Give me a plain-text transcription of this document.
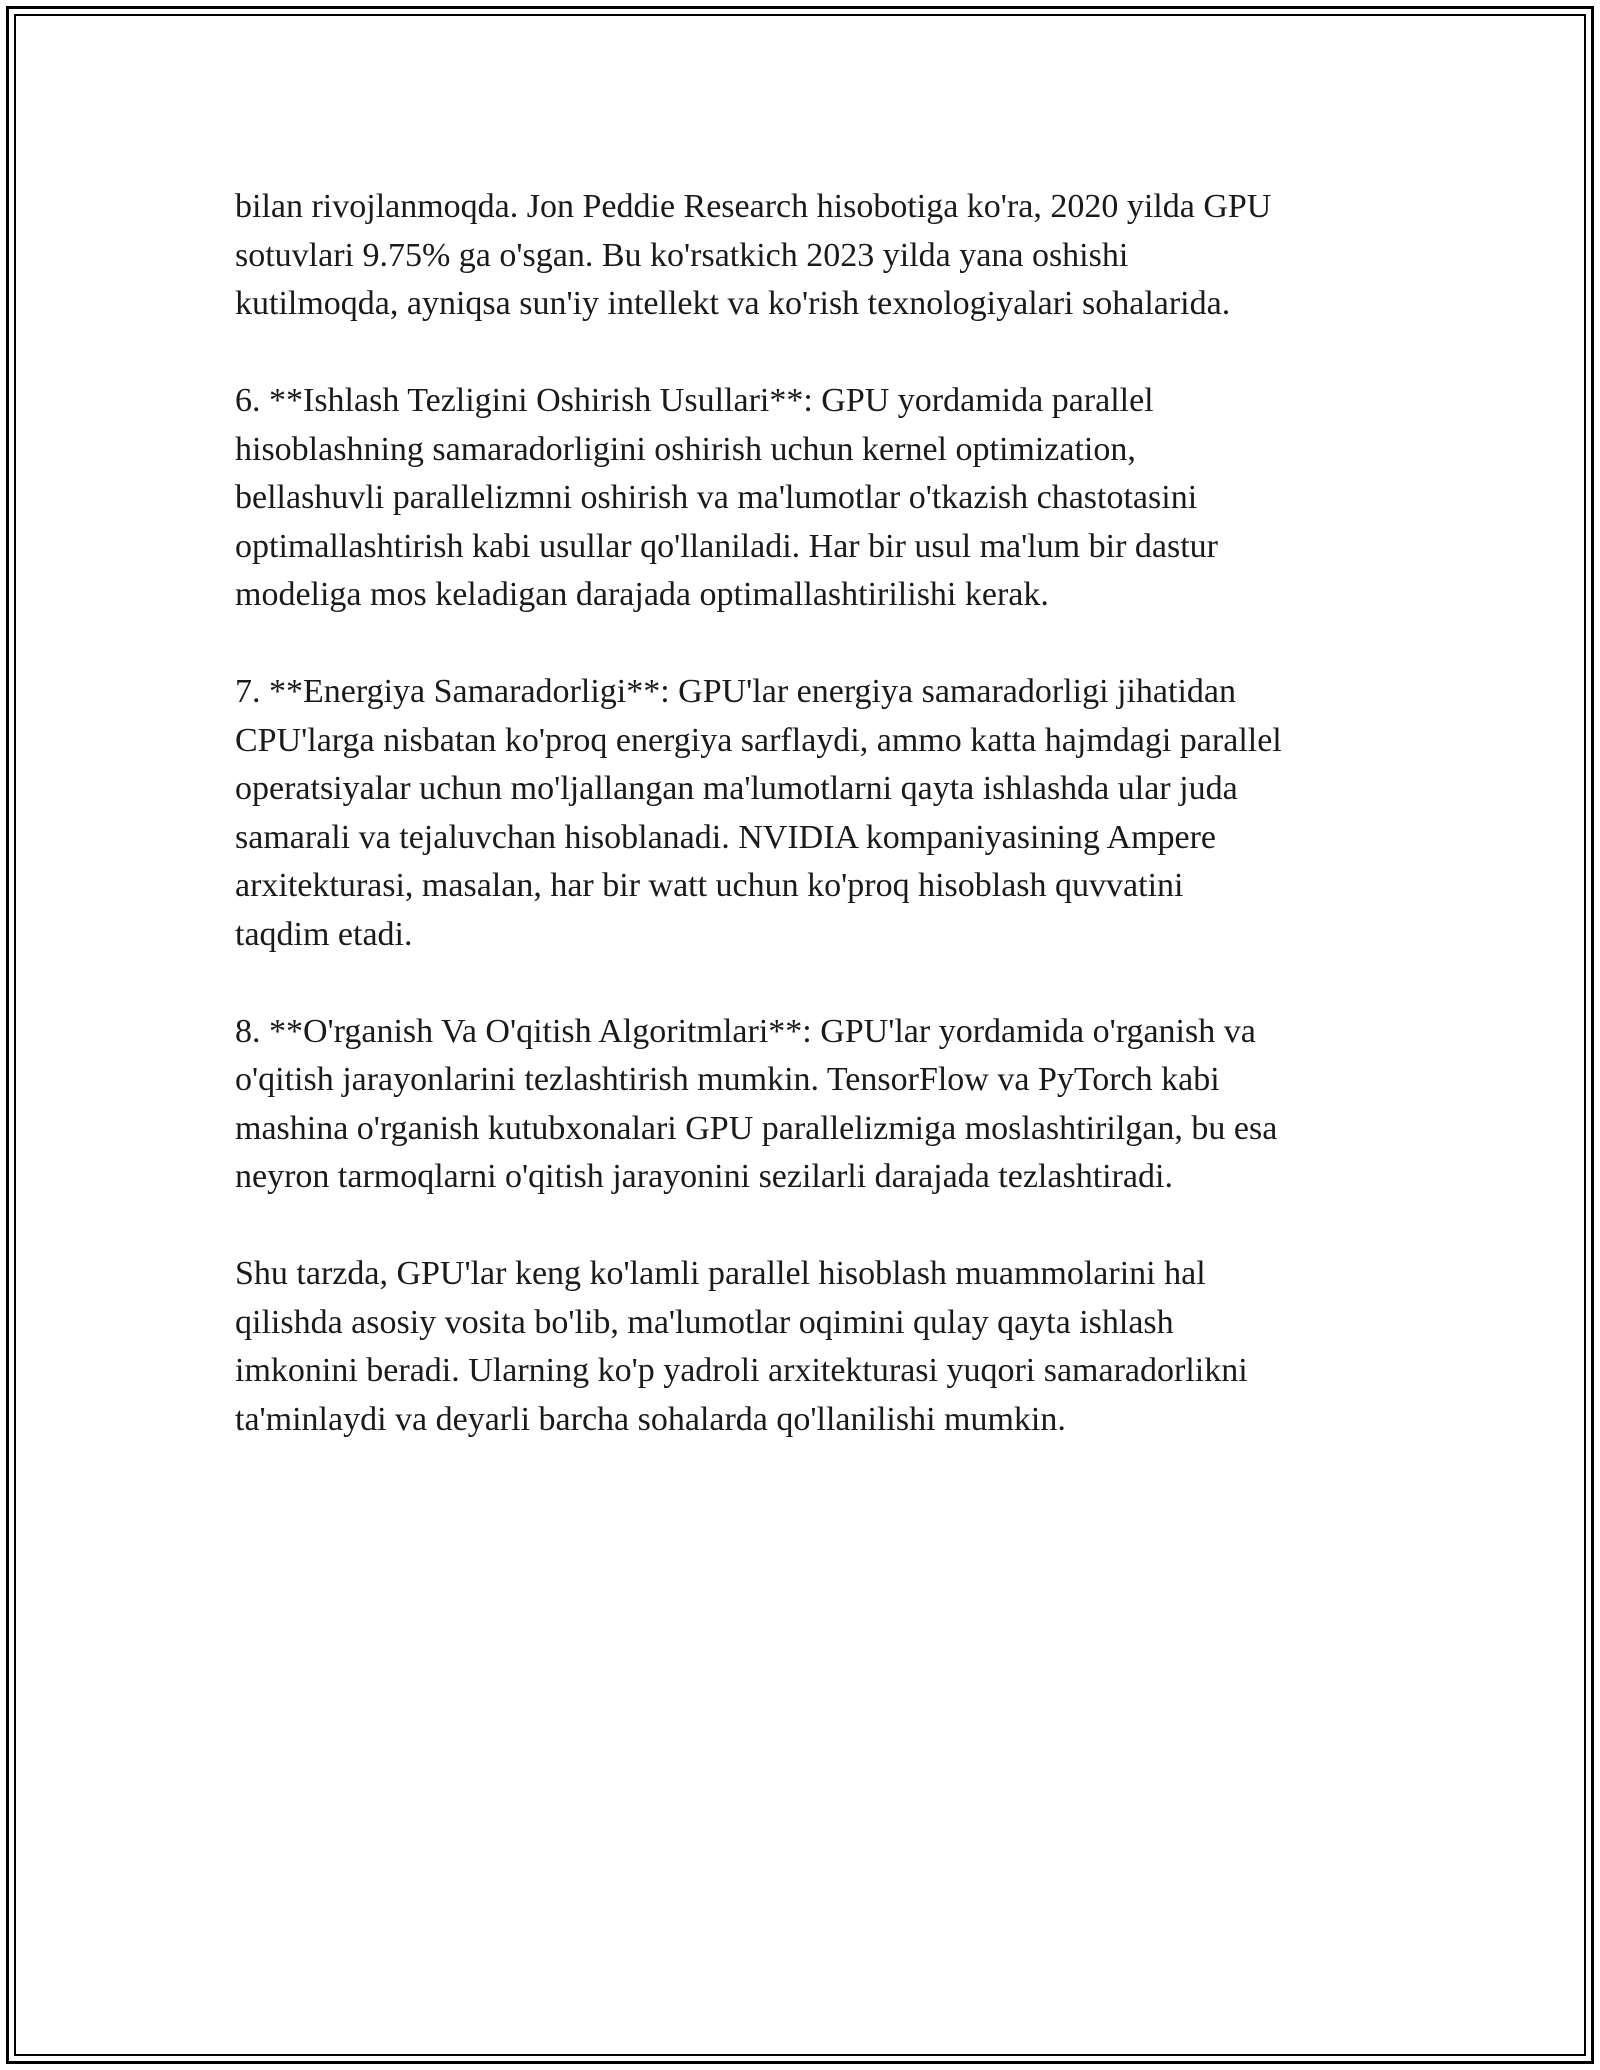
bilan rivojlanmoqda. Jon Peddie Research hisobotiga ko'ra, 2020 yilda GPU
sotuvlari 9.75% ga o'sgan. Bu ko'rsatkich 2023 yilda yana oshishi
kutilmoqda, ayniqsa sun'iy intellekt va ko'rish texnologiyalari sohalarida.

6. **Ishlash Tezligini Oshirish Usullari**: GPU yordamida parallel
hisoblashning samaradorligini oshirish uchun kernel optimization,
bellashuvli parallelizmni oshirish va ma'lumotlar o'tkazish chastotasini
optimallashtirish kabi usullar qo'llaniladi. Har bir usul ma'lum bir dastur
modeliga mos keladigan darajada optimallashtirilishi kerak.

7. **Energiya Samaradorligi**: GPU'lar energiya samaradorligi jihatidan
CPU'larga nisbatan ko'proq energiya sarflaydi, ammo katta hajmdagi parallel
operatsiyalar uchun mo'ljallangan ma'lumotlarni qayta ishlashda ular juda
samarali va tejaluvchan hisoblanadi. NVIDIA kompaniyasining Ampere
arxitekturasi, masalan, har bir watt uchun ko'proq hisoblash quvvatini
taqdim etadi.

8. **O'rganish Va O'qitish Algoritmlari**: GPU'lar yordamida o'rganish va
o'qitish jarayonlarini tezlashtirish mumkin. TensorFlow va PyTorch kabi
mashina o'rganish kutubxonalari GPU parallelizmiga moslashtirilgan, bu esa
neyron tarmoqlarni o'qitish jarayonini sezilarli darajada tezlashtiradi.

Shu tarzda, GPU'lar keng ko'lamli parallel hisoblash muammolarini hal
qilishda asosiy vosita bo'lib, ma'lumotlar oqimini qulay qayta ishlash
imkonini beradi. Ularning ko'p yadroli arxitekturasi yuqori samaradorlikni
ta'minlaydi va deyarli barcha sohalarda qo'llanilishi mumkin.
